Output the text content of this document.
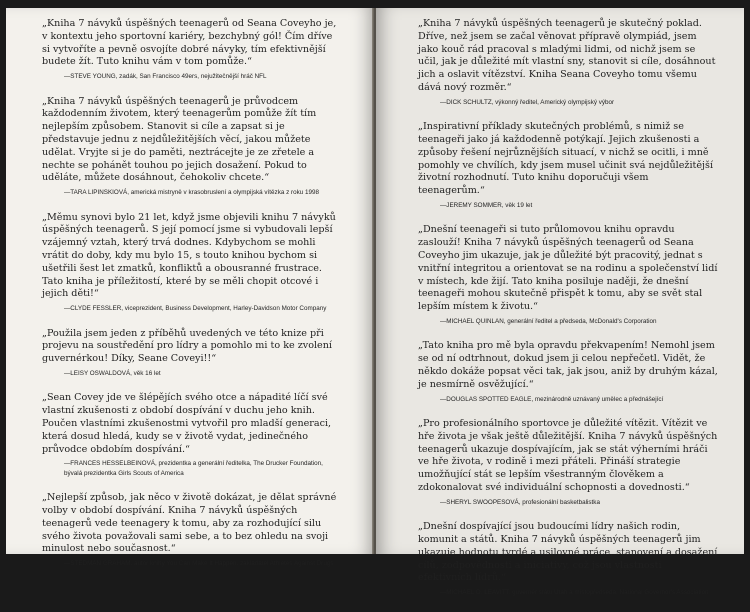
„Kniha 7 návyků úspěšných teenagerů od Seana Coveyho je, v kontextu jeho sportovní kariéry, bezchybný gól! Čím dříve si vytvoříte a pevně osvojíte dobré návyky, tím efektivnější budete žít. Tuto knihu vám v tom pomůže.“

—STEVE YOUNG, zadák, San Francisco 49ers, nejužitečnější hráč NFL

„Kniha 7 návyků úspěšných teenagerů je průvodcem každodenním životem, který teenagerům pomůže žít tím nejlepším způsobem. Stanovit si cíle a zapsat si je představuje jednu z nejdůležitějších věcí, jakou můžete udělat. Vryjte si je do paměti, neztrácejte je ze zřetele a nechte se pohánět touhou po jejich dosažení. Pokud to uděláte, můžete dosáhnout, čehokoliv chcete.“

—TARA LIPINSKIOVÁ, americká mistryně v krasobruslení a olympijská vítězka z roku 1998

„Měmu synovi bylo 21 let, když jsme objevili knihu 7 návyků úspěšných teenagerů. S její pomocí jsme si vybudovali lepší vzájemný vztah, který trvá dodnes. Kdybychom se mohli vrátit do doby, kdy mu bylo 15, s touto knihou bychom si ušetřili šest let zmatků, konfliktů a obousranné frustrace. Tato kniha je příležitostí, které by se měli chopit otcové i jejich děti!“

—CLYDE FESSLER, viceprezident, Business Development, Harley-Davidson Motor Company

„Použila jsem jeden z příběhů uvedených ve této knize při projevu na soustředění pro lídry a pomohlo mi to ke zvolení guvernérkou! Díky, Seane Coveyi!!“

—LEISY OSWALDOVÁ, věk 16 let

„Sean Covey jde ve šlépějích svého otce a nápadité líčí své vlastní zkušenosti z období dospívání v duchu jeho knih. Poučen vlastními zkušenostmi vytvořil pro mladší generaci, která dosud hledá, kudy se v životě vydat, jedinečného průvodce obdobím dospívání.“

—FRANCES HESSELBEINOVÁ, prezidentka a generální ředitelka, The Drucker Foundation, bývalá prezidentka Girls Scouts of America

„Nejlepší způsob, jak něco v životě dokázat, je dělat správné volby v období dospívání. Kniha 7 návyků úspěšných teenagerů vede teenagery k tomu, aby za rozhodující silu svého života považovali sami sebe, a to bez ohledu na svoji minulost nebo současnost.“

—STEDMAN GRAHAM, autor knihy You Can Make It Happen, zakladatel Athletes Against Drugs

„Kniha 7 návyků úspěšných teenagerů je skutečný poklad. Dříve, než jsem se začal věnovat přípravě olympiád, jsem jako kouč rád pracoval s mladými lidmi, od nichž jsem se učil, jak je důležité mít vlastní sny, stanovit si cíle, dosáhnout jich a oslavit vítězství. Kniha Seana Coveyho tomu všemu dává nový rozměr.“

—DICK SCHULTZ, výkonný ředitel, Americký olympijský výbor

„Inspirativní příklady skutečných problémů, s nimiž se teenageři jako já každodenně potýkají. Jejich zkušenosti a způsoby řešení nejrůznějších situací, v nichž se ocitli, i mně pomohly ve chvílích, kdy jsem musel učinit svá nejdůležitější životní rozhodnutí. Tuto knihu doporučuji všem teenagerům.“

—JEREMY SOMMER, věk 19 let

„Dnešní teenageři si tuto průlomovou knihu opravdu zaslouží! Kniha 7 návyků úspěšných teenagerů od Seana Coveyho jim ukazuje, jak je důležité být pracovitý, jednat s vnitřní integritou a orientovat se na rodinu a společenství lidí v místech, kde žijí. Tato kniha posiluje naději, že dnešní teenageři mohou skutečně přispět k tomu, aby se svět stal lepším místem k životu.“

—MICHAEL QUINLAN, generální ředitel a předseda, McDonald's Corporation

„Tato kniha pro mě byla opravdu překvapením! Nemohl jsem se od ní odtrhnout, dokud jsem ji celou nepřečetl. Vidět, že někdo dokáže popsat věci tak, jak jsou, aniž by druhým kázal, je nesmírně osvěžující.“

—DOUGLAS SPOTTED EAGLE, mezinárodně uznávaný umělec a přednášející

„Pro profesionálního sportovce je důležité vítězit. Vítězit ve hře života je však ještě důležitější. Kniha 7 návyků úspěšných teenagerů ukazuje dospívajícím, jak se stát výherními hráči ve hře života, v rodině i mezi přáteli. Přináší strategie umožňující stát se lepším všestranným člověkem a zdokonalovat své individuální schopnosti a dovednosti.“

—SHERYL SWOOPESOVÁ, profesionální basketbalistka

„Dnešní dospívající jsou budoucími lídry našich rodin, komunit a států. Kniha 7 návyků úspěšných teenagerů jim ukazuje hodnotu tvrdé a usilovné práce, stanovení a dosažení cílů, zodpovědnosti a iniciativy, což jsou vlastnosti efektivních lídrů.“

—MICHAEL O. LEAVITT, guvernér státu Utah a místopředseda, National Governor's Association
